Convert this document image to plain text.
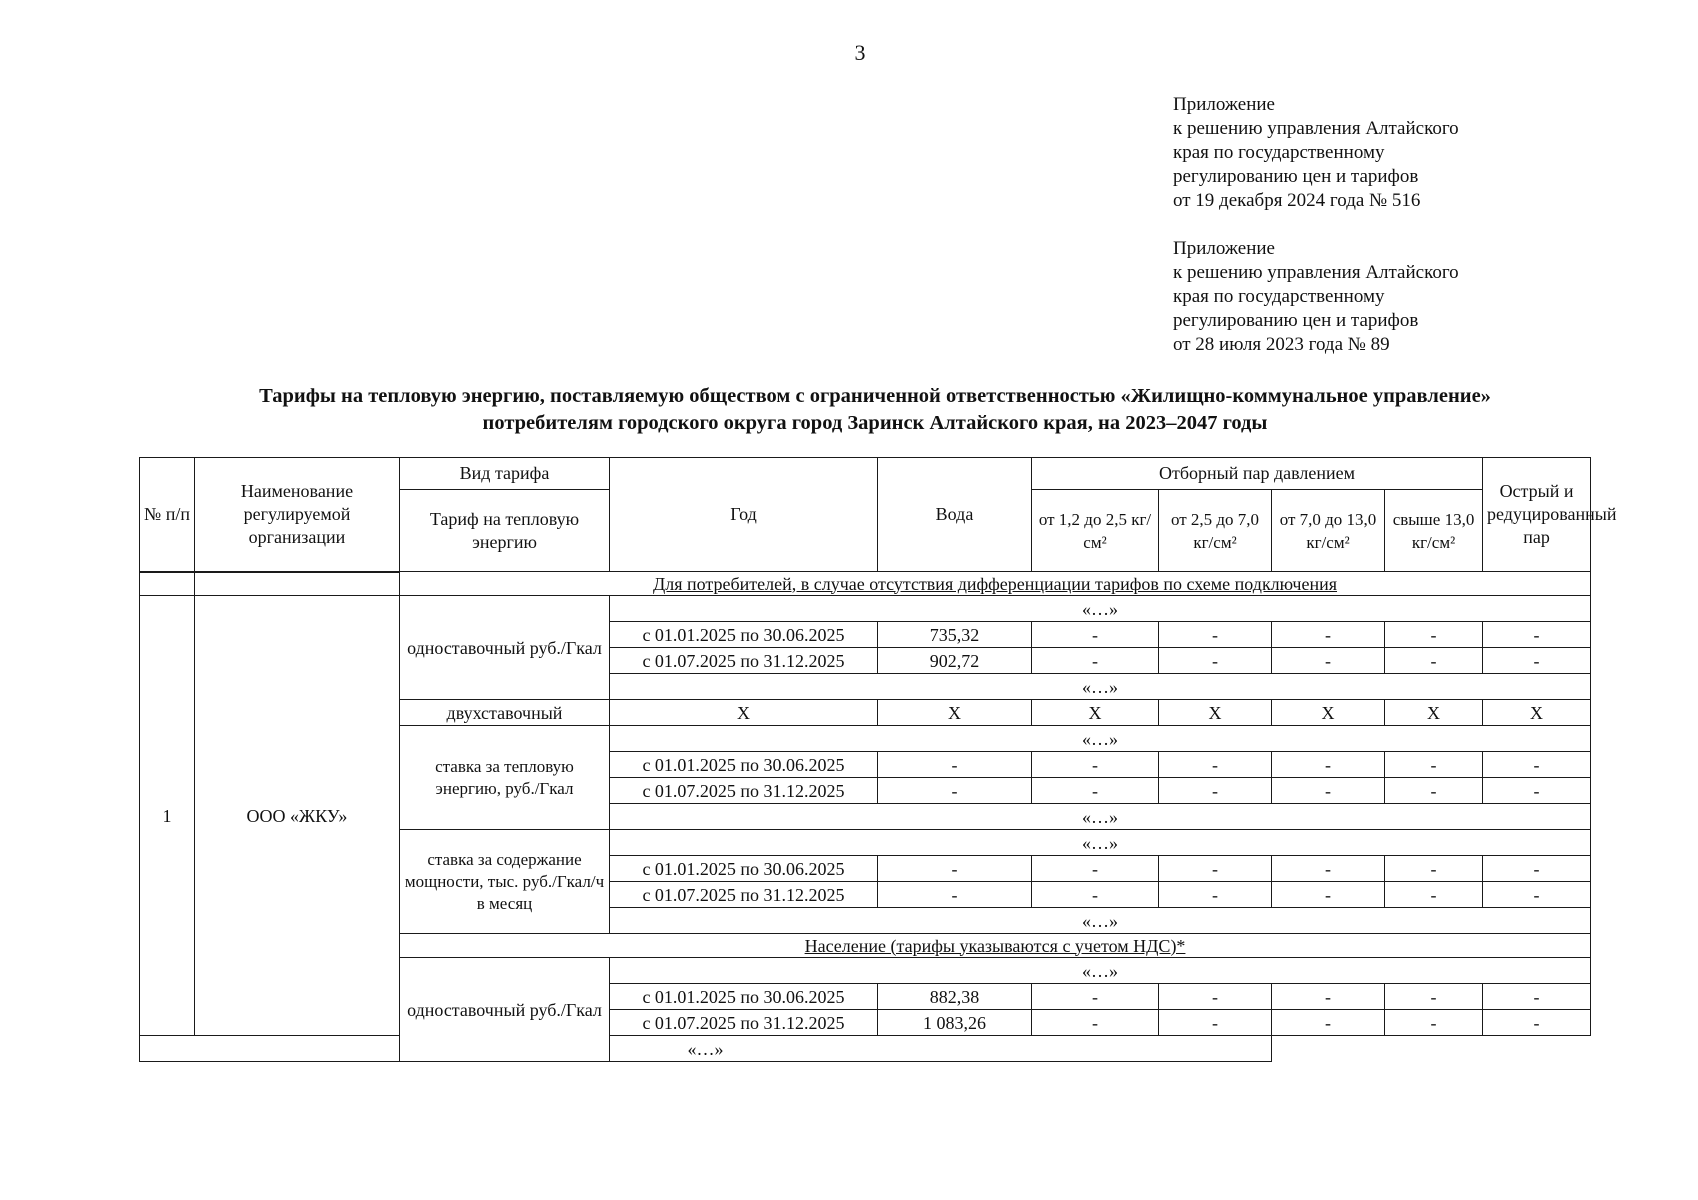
3
Приложение
к решению управления Алтайского
края по государственному
регулированию цен и тарифов
от 19 декабря 2024 года № 516
Приложение
к решению управления Алтайского
края по государственному
регулированию цен и тарифов
от 28 июля 2023 года № 89
Тарифы на тепловую энергию, поставляемую обществом с ограниченной ответственностью «Жилищно-коммунальное управление»
потребителям городского округа город Заринск Алтайского края, на 2023–2047 годы
№ п/п	Наименование регулируемой организации	Вид тарифа	Год	Вода	Отборный пар давлением				Острый и редуцированный пар
		Тариф на тепловую энергию			от 1,2 до 2,5 кг/см²	от 2,5 до 7,0 кг/см²	от 7,0 до 13,0 кг/см²	свыше 13,0 кг/см²	
		Для потребителей, в случае отсутствия дифференциации тарифов по схеме подключения							
1	ООО «ЖКУ»	одноставочный руб./Гкал	«…»						
			с 01.01.2025 по 30.06.2025	735,32	-	-	-	-	-
			с 01.07.2025 по 31.12.2025	902,72	-	-	-	-	-
			«…»						
		двухставочный	Х	Х	Х	Х	Х	Х	Х
		ставка за тепловую энергию, руб./Гкал	«…»						
			с 01.01.2025 по 30.06.2025	-	-	-	-	-	-
			с 01.07.2025 по 31.12.2025	-	-	-	-	-	-
			«…»						
		ставка за содержание мощности, тыс. руб./Гкал/ч в месяц	«…»						
			с 01.01.2025 по 30.06.2025	-	-	-	-	-	-
			с 01.07.2025 по 31.12.2025	-	-	-	-	-	-
			«…»						
		Население (тарифы указываются с учетом НДС)*							
		одноставочный руб./Гкал	«…»						
			с 01.01.2025 по 30.06.2025	882,38	-	-	-	-	-
			с 01.07.2025 по 31.12.2025	1 083,26	-	-	-	-	-
«…»									
